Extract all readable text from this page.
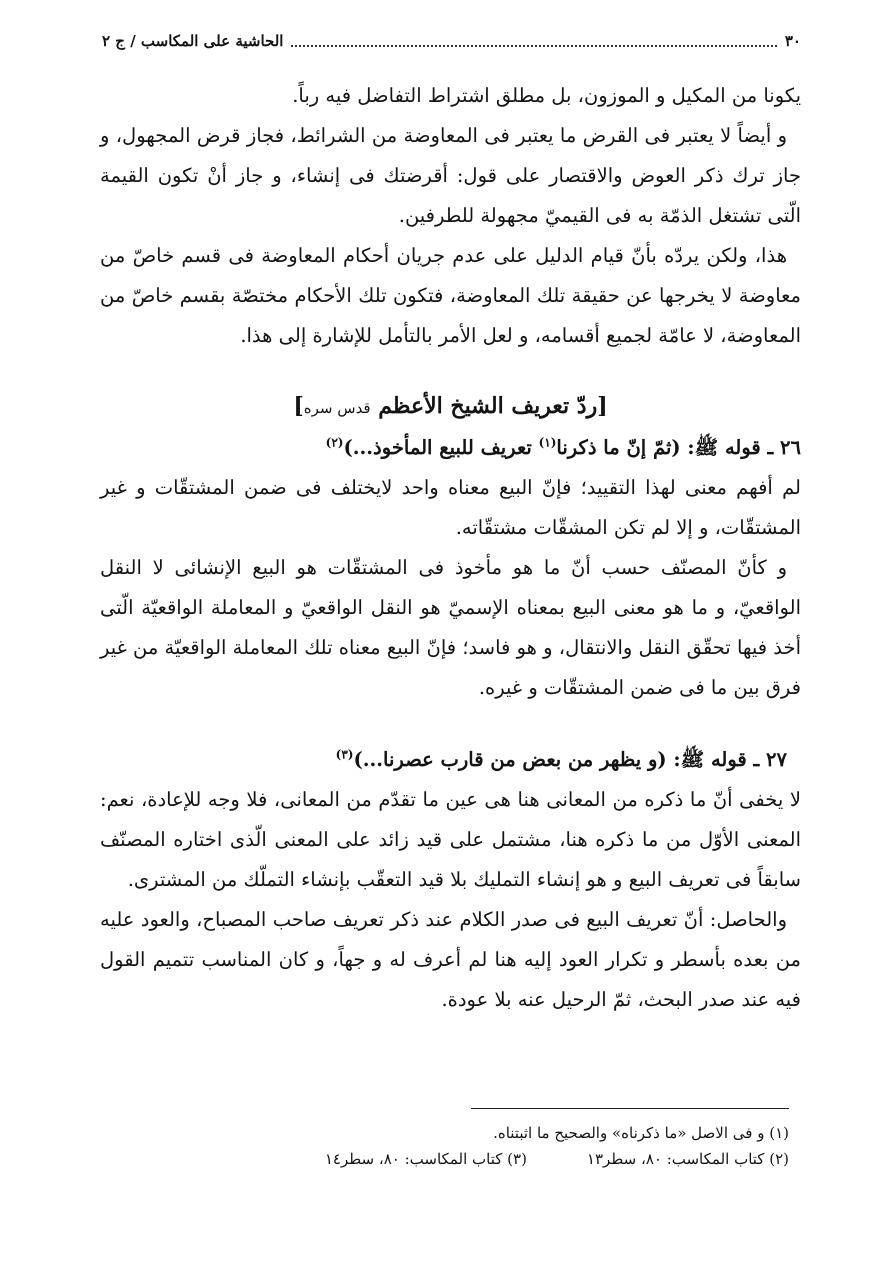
٣٠
الحاشية على المكاسب / ج ٢

يكونا من المكيل و الموزون، بل مطلق اشتراط التفاضل فيه رباً.

و أيضاً لا يعتبر فى القرض ما يعتبر فى المعاوضة من الشرائط، فجاز قرض المجهول، و جاز ترك ذكر العوض والاقتصار على قول: أقرضتك فى إنشاء، و جاز أنْ تكون القيمة الّتى تشتغل الذمّة به فى القيميّ مجهولة للطرفين.

هذا، ولكن يردّه بأنّ قيام الدليل على عدم جريان أحكام المعاوضة فى قسم خاصّ من معاوضة لا يخرجها عن حقيقة تلك المعاوضة، فتكون تلك الأحكام مختصّة بقسم خاصّ من المعاوضة، لا عامّة لجميع أقسامه، و لعل الأمر بالتأمل للإشارة إلى هذا.

[ردّ تعريف الشيخ الأعظم قدس سره]

٢٦ ـ قوله ﷺ: (ثمّ إنّ ما ذكرنا$^{(١)}$ تعريف للبيع المأخوذ...)$^{(٢)}$

لم أفهم معنى لهذا التقييد؛ فإنّ البيع معناه واحد لايختلف فى ضمن المشتقّات و غير المشتقّات، و إلا لم تكن المشقّات مشتقّاته.

و كأنّ المصنّف حسب أنّ ما هو مأخوذ فى المشتقّات هو البيع الإنشائى لا النقل الواقعيّ، و ما هو معنى البيع بمعناه الإسميّ هو النقل الواقعيّ و المعاملة الواقعيّة الّتى أخذ فيها تحقّق النقل والانتقال، و هو فاسد؛ فإنّ البيع معناه تلك المعاملة الواقعيّة من غير فرق بين ما فى ضمن المشتقّات و غيره.

٢٧ ـ قوله ﷺ: (و يظهر من بعض من قارب عصرنا...)$^{(٣)}$

لا يخفى أنّ ما ذكره من المعانى هنا هى عين ما تقدّم من المعانى، فلا وجه للإعادة، نعم: المعنى الأوّل من ما ذكره هنا، مشتمل على قيد زائد على المعنى الّذى اختاره المصنّف سابقاً فى تعريف البيع و هو إنشاء التمليك بلا قيد التعقّب بإنشاء التملّك من المشترى.

والحاصل: أنّ تعريف البيع فى صدر الكلام عند ذكر تعريف صاحب المصباح، والعود عليه من بعده بأسطر و تكرار العود إليه هنا لم أعرف له و جهاً، و كان المناسب تتميم القول فيه عند صدر البحث، ثمّ الرحيل عنه بلا عودة.

(١) و فى الاصل «ما ذكرناه» والصحيح ما اثبتناه.
(٢) كتاب المكاسب: ٨٠، سطر١٣
(٣) كتاب المكاسب: ٨٠، سطر١٤
